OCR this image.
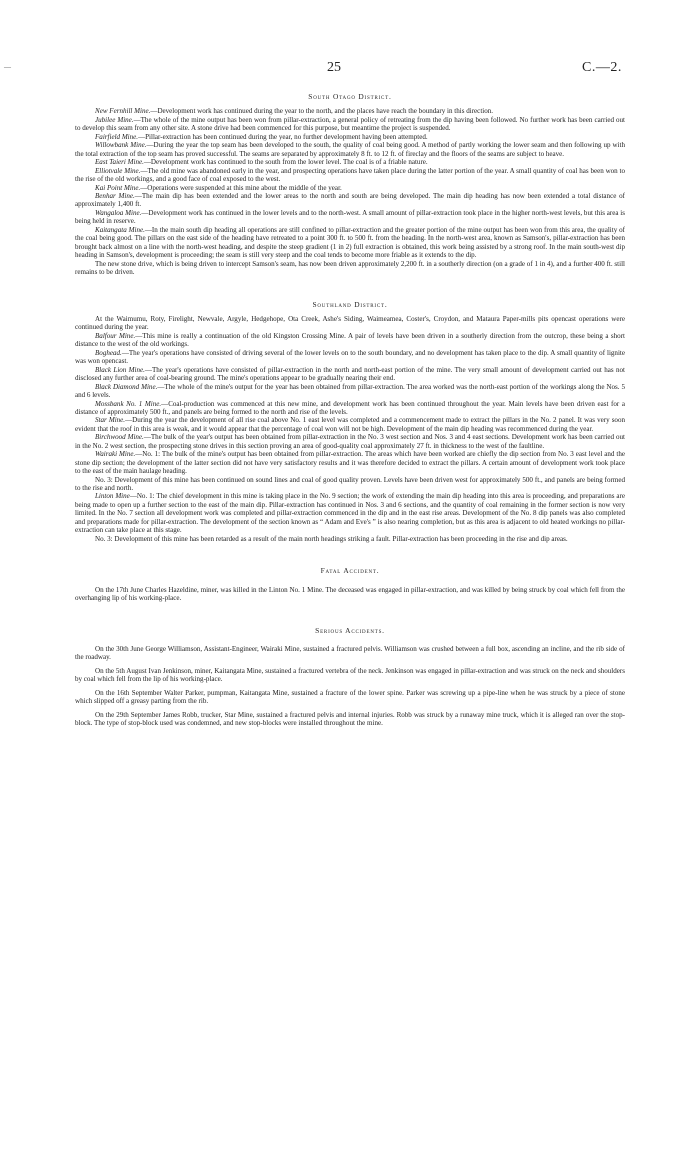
—	25	C.—2.
South Otago District.

New Fernhill Mine.—Development work has continued during the year to the north, and the places have reach the boundary in this direction.

Jubilee Mine.—The whole of the mine output has been won from pillar-extraction, a general policy of retreating from the dip having been followed. No further work has been carried out to develop this seam from any other site. A stone drive had been commenced for this purpose, but meantime the project is suspended.

Fairfield Mine.—Pillar-extraction has been continued during the year, no further development having been attempted.

Willowbank Mine.—During the year the top seam has been developed to the south, the quality of coal being good. A method of partly working the lower seam and then following up with the total extraction of the top seam has proved successful. The seams are separated by approximately 8 ft. to 12 ft. of fireclay and the floors of the seams are subject to heave.

East Taieri Mine.—Development work has continued to the south from the lower level. The coal is of a friable nature.

Elliotvale Mine.—The old mine was abandoned early in the year, and prospecting operations have taken place during the latter portion of the year. A small quantity of coal has been won to the rise of the old workings, and a good face of coal exposed to the west.

Kai Point Mine.—Operations were suspended at this mine about the middle of the year.

Benhar Mine.—The main dip has been extended and the lower areas to the north and south are being developed. The main dip heading has now been extended a total distance of approximately 1,400 ft.

Wangaloa Mine.—Development work has continued in the lower levels and to the north-west. A small amount of pillar-extraction took place in the higher north-west levels, but this area is being held in reserve.

Kaitangata Mine.—In the main south dip heading all operations are still confined to pillar-extraction and the greater portion of the mine output has been won from this area, the quality of the coal being good. The pillars on the east side of the heading have retreated to a point 300 ft. to 500 ft. from the heading. In the north-west area, known as Samson's, pillar-extraction has been brought back almost on a line with the north-west heading, and despite the steep gradient (1 in 2) full extraction is obtained, this work being assisted by a strong roof. In the main south-west dip heading in Samson's, development is proceeding; the seam is still very steep and the coal tends to become more friable as it extends to the dip.

The new stone drive, which is being driven to intercept Samson's seam, has now been driven approximately 2,200 ft. in a southerly direction (on a grade of 1 in 4), and a further 400 ft. still remains to be driven.

Southland District.

At the Waimumu, Roty, Firelight, Newvale, Argyle, Hedgehope, Ota Creek, Ashe's Siding, Waimeamea, Coster's, Croydon, and Mataura Paper-mills pits opencast operations were continued during the year.

Balfour Mine.—This mine is really a continuation of the old Kingston Crossing Mine. A pair of levels have been driven in a southerly direction from the outcrop, these being a short distance to the west of the old workings.

Boghead.—The year's operations have consisted of driving several of the lower levels on to the south boundary, and no development has taken place to the dip. A small quantity of lignite was won opencast.

Black Lion Mine.—The year's operations have consisted of pillar-extraction in the north and north-east portion of the mine. The very small amount of development carried out has not disclosed any further area of coal-bearing ground. The mine's operations appear to be gradually nearing their end.

Black Diamond Mine.—The whole of the mine's output for the year has been obtained from pillar-extraction. The area worked was the north-east portion of the workings along the Nos. 5 and 6 levels.

Mossbank No. 1 Mine.—Coal-production was commenced at this new mine, and development work has been continued throughout the year. Main levels have been driven east for a distance of approximately 500 ft., and panels are being formed to the north and rise of the levels.

Star Mine.—During the year the development of all rise coal above No. 1 east level was completed and a commencement made to extract the pillars in the No. 2 panel. It was very soon evident that the roof in this area is weak, and it would appear that the percentage of coal won will not be high. Development of the main dip heading was recommenced during the year.

Birchwood Mine.—The bulk of the year's output has been obtained from pillar-extraction in the No. 3 west section and Nos. 3 and 4 east sections. Development work has been carried out in the No. 2 west section, the prospecting stone drives in this section proving an area of good-quality coal approximately 27 ft. in thickness to the west of the faultline.

Wairaki Mine.—No. 1: The bulk of the mine's output has been obtained from pillar-extraction. The areas which have been worked are chiefly the dip section from No. 3 east level and the stone dip section; the development of the latter section did not have very satisfactory results and it was therefore decided to extract the pillars. A certain amount of development work took place to the east of the main haulage heading.

No. 3: Development of this mine has been continued on sound lines and coal of good quality proven. Levels have been driven west for approximately 500 ft., and panels are being formed to the rise and north.

Linton Mine—No. 1: The chief development in this mine is taking place in the No. 9 section; the work of extending the main dip heading into this area is proceeding, and preparations are being made to open up a further section to the east of the main dip. Pillar-extraction has continued in Nos. 3 and 6 sections, and the quantity of coal remaining in the former section is now very limited. In the No. 7 section all development work was completed and pillar-extraction commenced in the dip and in the east rise areas. Development of the No. 8 dip panels was also completed and preparations made for pillar-extraction. The development of the section known as “ Adam and Eve's ” is also nearing completion, but as this area is adjacent to old heated workings no pillar-extraction can take place at this stage.

No. 3: Development of this mine has been retarded as a result of the main north headings striking a fault. Pillar-extraction has been proceeding in the rise and dip areas.

Fatal Accident.

On the 17th June Charles Hazeldine, miner, was killed in the Linton No. 1 Mine. The deceased was engaged in pillar-extraction, and was killed by being struck by coal which fell from the overhanging lip of his working-place.

Serious Accidents.

On the 30th June George Williamson, Assistant-Engineer, Wairaki Mine, sustained a fractured pelvis. Williamson was crushed between a full box, ascending an incline, and the rib side of the roadway.

On the 5th August Ivan Jenkinson, miner, Kaitangata Mine, sustained a fractured vertebra of the neck. Jenkinson was engaged in pillar-extraction and was struck on the neck and shoulders by coal which fell from the lip of his working-place.

On the 16th September Walter Parker, pumpman, Kaitangata Mine, sustained a fracture of the lower spine. Parker was screwing up a pipe-line when he was struck by a piece of stone which slipped off a greasy parting from the rib.

On the 29th September James Robb, trucker, Star Mine, sustained a fractured pelvis and internal injuries. Robb was struck by a runaway mine truck, which it is alleged ran over the stop-block. The type of stop-block used was condemned, and new stop-blocks were installed throughout the mine.
